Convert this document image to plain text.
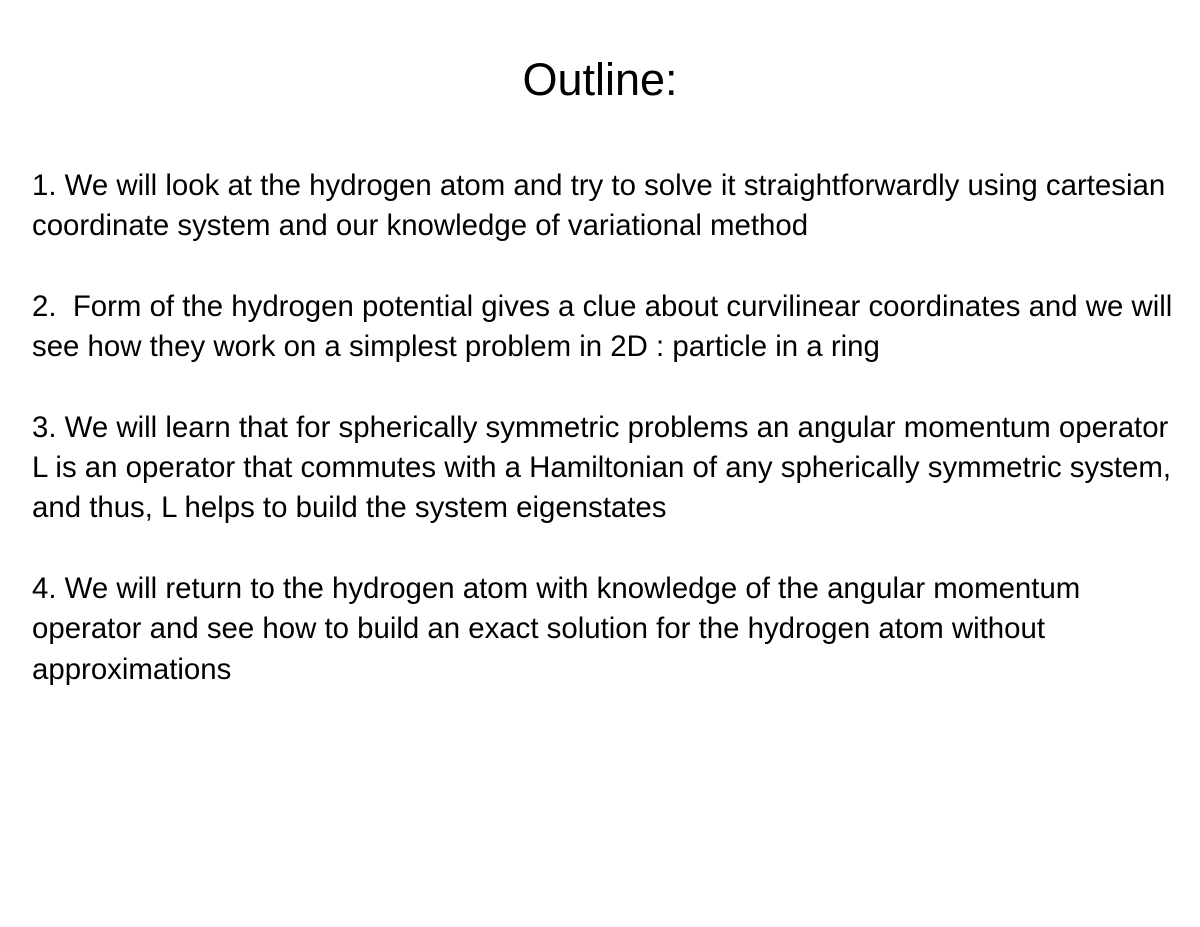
Outline:
1. We will look at the hydrogen atom and try to solve it straightforwardly using cartesian coordinate system and our knowledge of variational method
2.  Form of the hydrogen potential gives a clue about curvilinear coordinates and we will see how they work on a simplest problem in 2D : particle in a ring
3. We will learn that for spherically symmetric problems an angular momentum operator L is an operator that commutes with a Hamiltonian of any spherically symmetric system, and thus, L helps to build the system eigenstates
4. We will return to the hydrogen atom with knowledge of the angular momentum operator and see how to build an exact solution for the hydrogen atom without approximations
